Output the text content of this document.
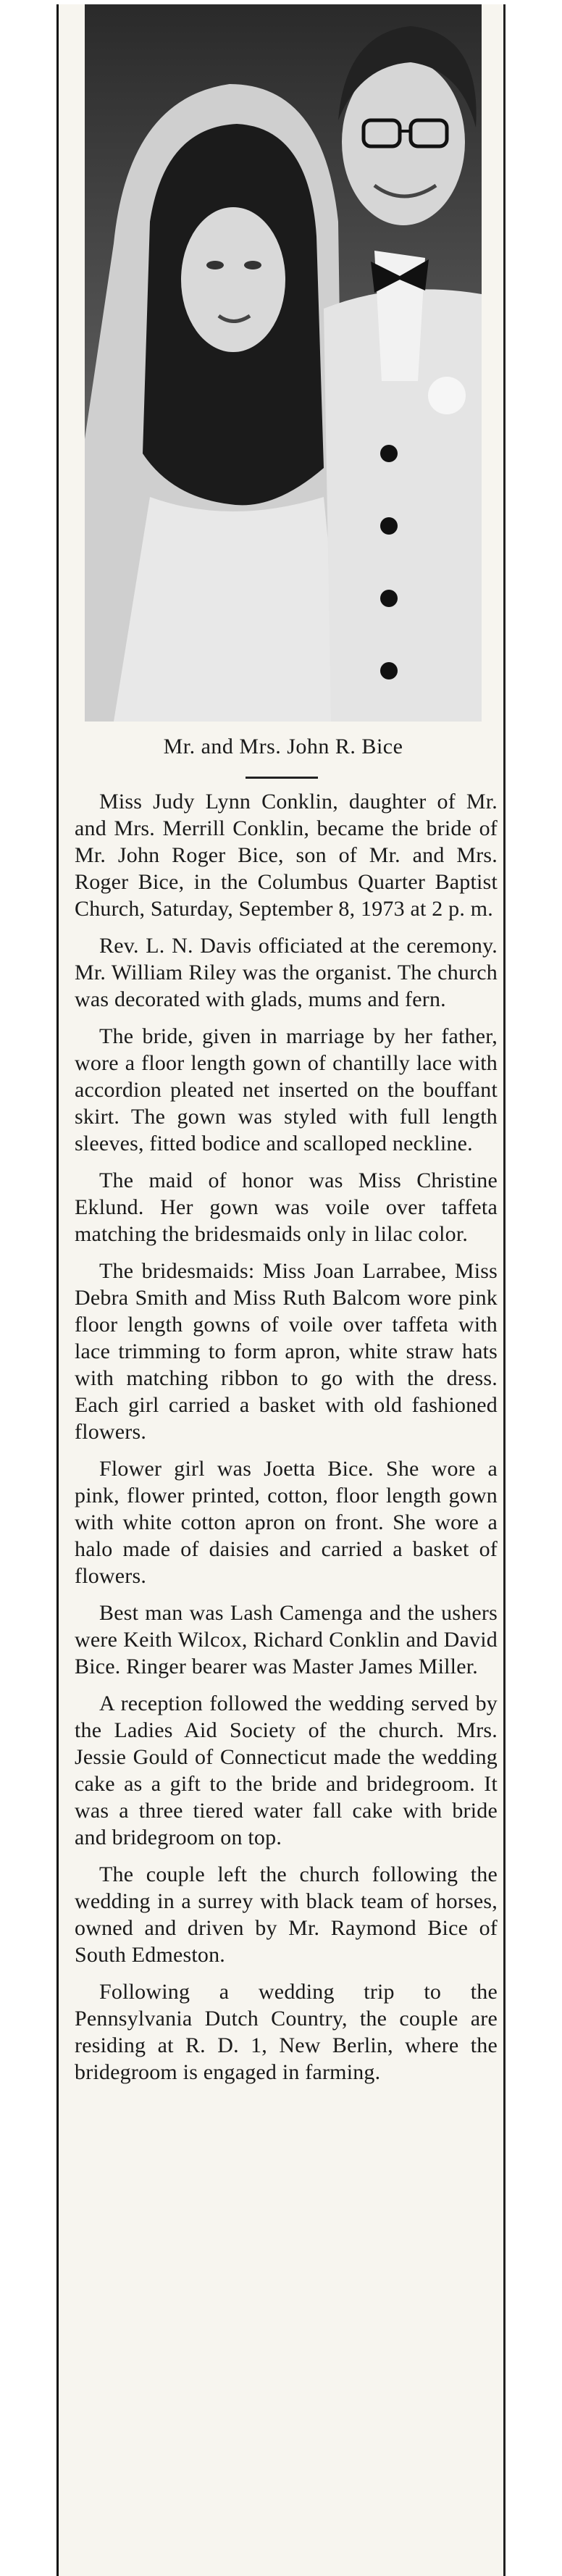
Mr. and Mrs. John R. Bice

Miss Judy Lynn Conklin, daughter of Mr. and Mrs. Merrill Conklin, became the bride of Mr. John Roger Bice, son of Mr. and Mrs. Roger Bice, in the Columbus Quarter Baptist Church, Saturday, September 8, 1973 at 2 p. m.

Rev. L. N. Davis officiated at the ceremony. Mr. William Riley was the organist. The church was decorated with glads, mums and fern.

The bride, given in marriage by her father, wore a floor length gown of chantilly lace with accordion pleated net inserted on the bouffant skirt. The gown was styled with full length sleeves, fitted bodice and scalloped neckline.

The maid of honor was Miss Christine Eklund. Her gown was voile over taffeta matching the bridesmaids only in lilac color.

The bridesmaids: Miss Joan Larrabee, Miss Debra Smith and Miss Ruth Balcom wore pink floor length gowns of voile over taffeta with lace trimming to form apron, white straw hats with matching ribbon to go with the dress. Each girl carried a basket with old fashioned flowers.

Flower girl was Joetta Bice. She wore a pink, flower printed, cotton, floor length gown with white cotton apron on front. She wore a halo made of daisies and carried a basket of flowers.

Best man was Lash Camenga and the ushers were Keith Wilcox, Richard Conklin and David Bice. Ringer bearer was Master James Miller.

A reception followed the wedding served by the Ladies Aid Society of the church. Mrs. Jessie Gould of Connecticut made the wedding cake as a gift to the bride and bridegroom. It was a three tiered water fall cake with bride and bridegroom on top.

The couple left the church following the wedding in a surrey with black team of horses, owned and driven by Mr. Raymond Bice of South Edmeston.

Following a wedding trip to the Pennsylvania Dutch Country, the couple are residing at R. D. 1, New Berlin, where the bridegroom is engaged in farming.
